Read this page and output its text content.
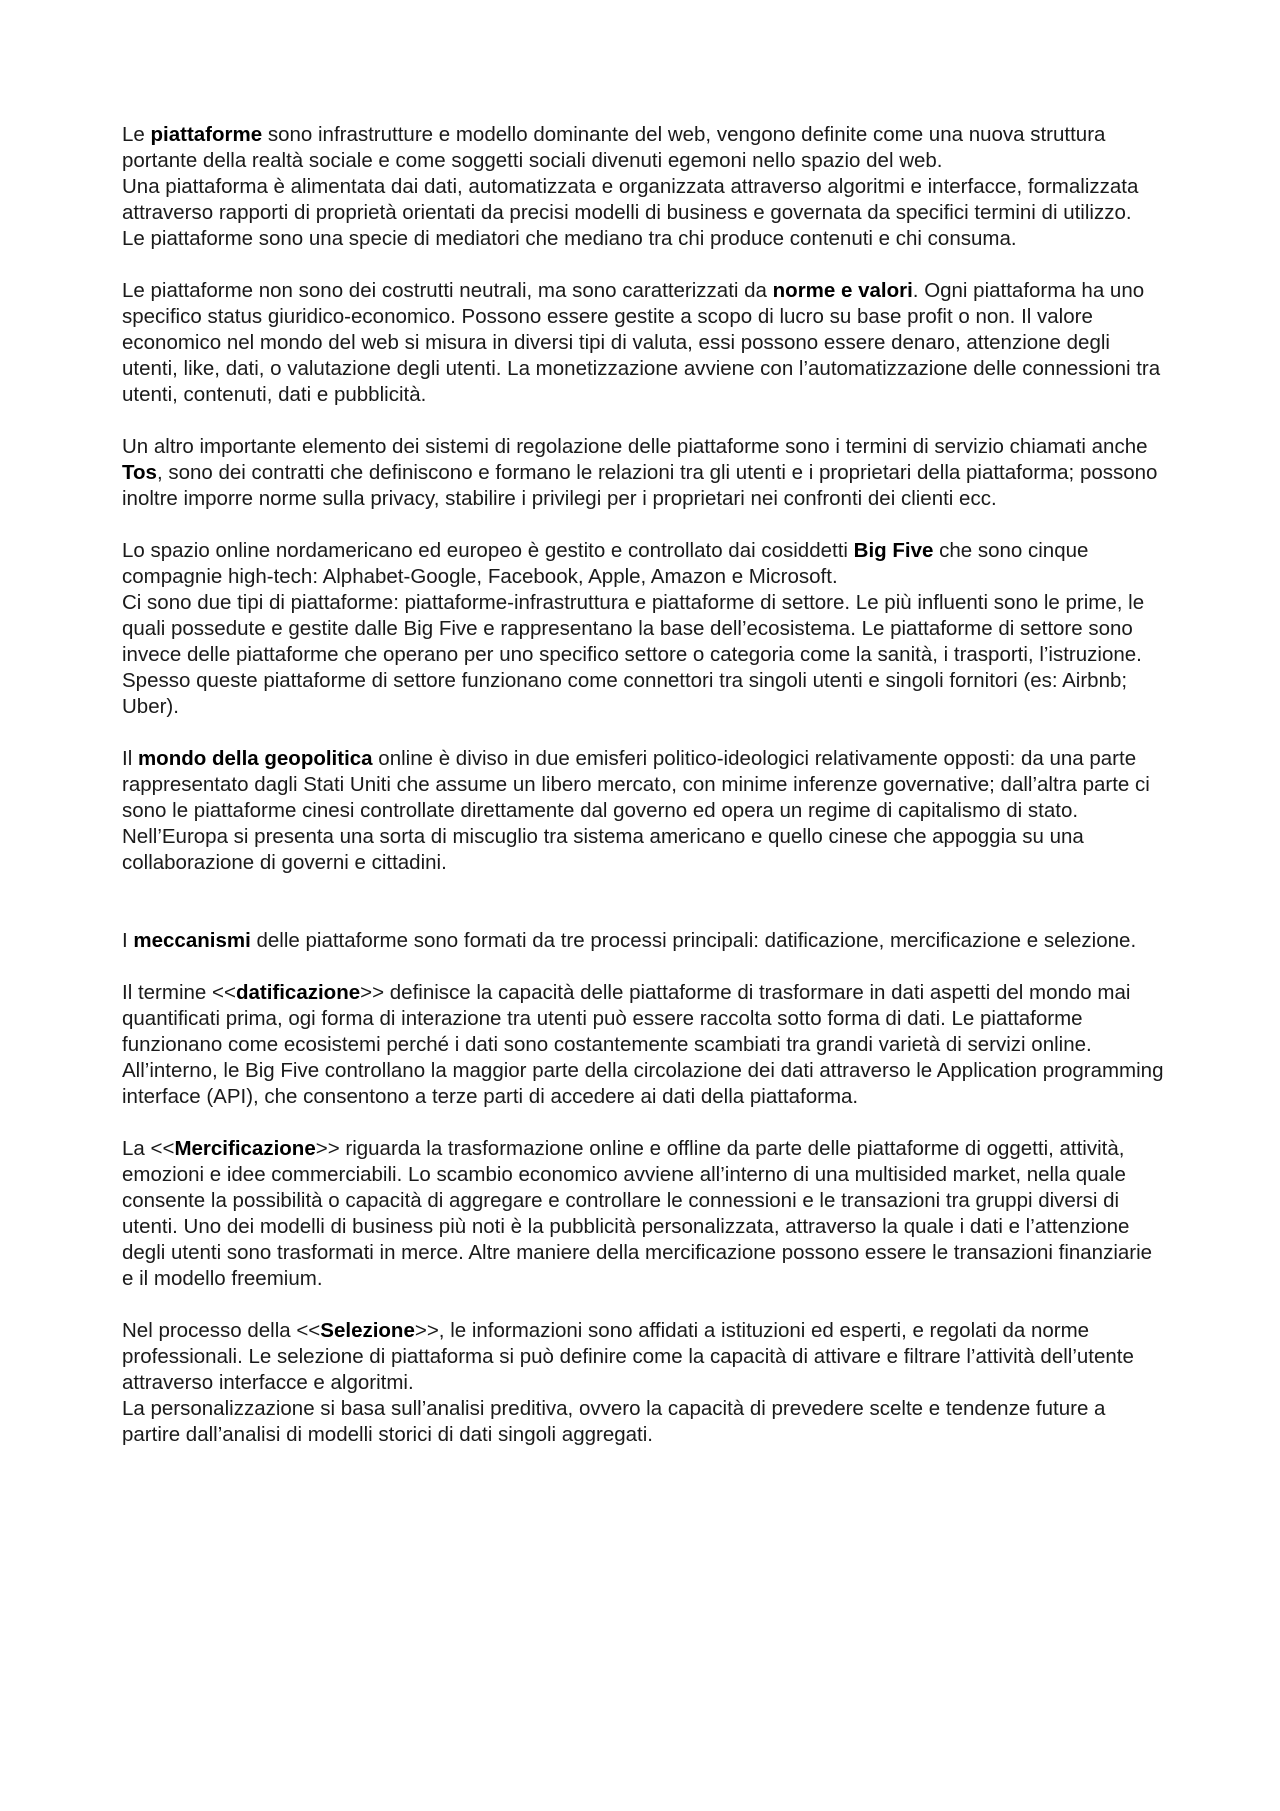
Le piattaforme sono infrastrutture e modello dominante del web, vengono definite come una nuova struttura portante della realtà sociale e come soggetti sociali divenuti egemoni nello spazio del web.
Una piattaforma è alimentata dai dati, automatizzata e organizzata attraverso algoritmi e interfacce, formalizzata attraverso rapporti di proprietà orientati da precisi modelli di business e governata da specifici termini di utilizzo.
Le piattaforme sono una specie di mediatori che mediano tra chi produce contenuti e chi consuma.
Le piattaforme non sono dei costrutti neutrali, ma sono caratterizzati da norme e valori. Ogni piattaforma ha uno specifico status giuridico-economico. Possono essere gestite a scopo di lucro su base profit o non. Il valore economico nel mondo del web si misura in diversi tipi di valuta, essi possono essere denaro, attenzione degli utenti, like, dati, o valutazione degli utenti. La monetizzazione avviene con l’automatizzazione delle connessioni tra utenti, contenuti, dati e pubblicità.
Un altro importante elemento dei sistemi di regolazione delle piattaforme sono i termini di servizio chiamati anche Tos, sono dei contratti che definiscono e formano le relazioni tra gli utenti e i proprietari della piattaforma; possono inoltre imporre norme sulla privacy, stabilire i privilegi per i proprietari nei confronti dei clienti ecc.
Lo spazio online nordamericano ed europeo è gestito e controllato dai cosiddetti Big Five che sono cinque compagnie high-tech: Alphabet-Google, Facebook, Apple, Amazon e Microsoft.
Ci sono due tipi di piattaforme: piattaforme-infrastruttura e piattaforme di settore. Le più influenti sono le prime, le quali possedute e gestite dalle Big Five e rappresentano la base dell’ecosistema. Le piattaforme di settore sono invece delle piattaforme che operano per uno specifico settore o categoria come la sanità, i trasporti, l’istruzione. Spesso queste piattaforme di settore funzionano come connettori tra singoli utenti e singoli fornitori (es: Airbnb; Uber).
Il mondo della geopolitica online è diviso in due emisferi politico-ideologici relativamente opposti: da una parte rappresentato dagli Stati Uniti che assume un libero mercato, con minime inferenze governative; dall’altra parte ci sono le piattaforme cinesi controllate direttamente dal governo ed opera un regime di capitalismo di stato. Nell’Europa si presenta una sorta di miscuglio tra sistema americano e quello cinese che appoggia su una collaborazione di governi e cittadini.
I meccanismi delle piattaforme sono formati da tre processi principali: datificazione, mercificazione e selezione.
Il termine <<datificazione>> definisce la capacità delle piattaforme di trasformare in dati aspetti del mondo mai quantificati prima, ogi forma di interazione tra utenti può essere raccolta sotto forma di dati. Le piattaforme funzionano come ecosistemi perché i dati sono costantemente scambiati tra grandi varietà di servizi online. All’interno, le Big Five controllano la maggior parte della circolazione dei dati attraverso le Application programming interface (API), che consentono a terze parti di accedere ai dati della piattaforma.
La <<Mercificazione>> riguarda la trasformazione online e offline da parte delle piattaforme di oggetti, attività, emozioni e idee commerciabili. Lo scambio economico avviene all’interno di una multisided market, nella quale consente la possibilità o capacità di aggregare e controllare le connessioni e le transazioni tra gruppi diversi di utenti. Uno dei modelli di business più noti è la pubblicità personalizzata, attraverso la quale i dati e l’attenzione degli utenti sono trasformati in merce. Altre maniere della mercificazione possono essere le transazioni finanziarie e il modello freemium.
Nel processo della <<Selezione>>, le informazioni sono affidati a istituzioni ed esperti, e regolati da norme professionali. Le selezione di piattaforma si può definire come la capacità di attivare e filtrare l’attività dell’utente attraverso interfacce e algoritmi.
La personalizzazione si basa sull’analisi preditiva, ovvero la capacità di prevedere scelte e tendenze future a partire dall’analisi di modelli storici di dati singoli aggregati.
